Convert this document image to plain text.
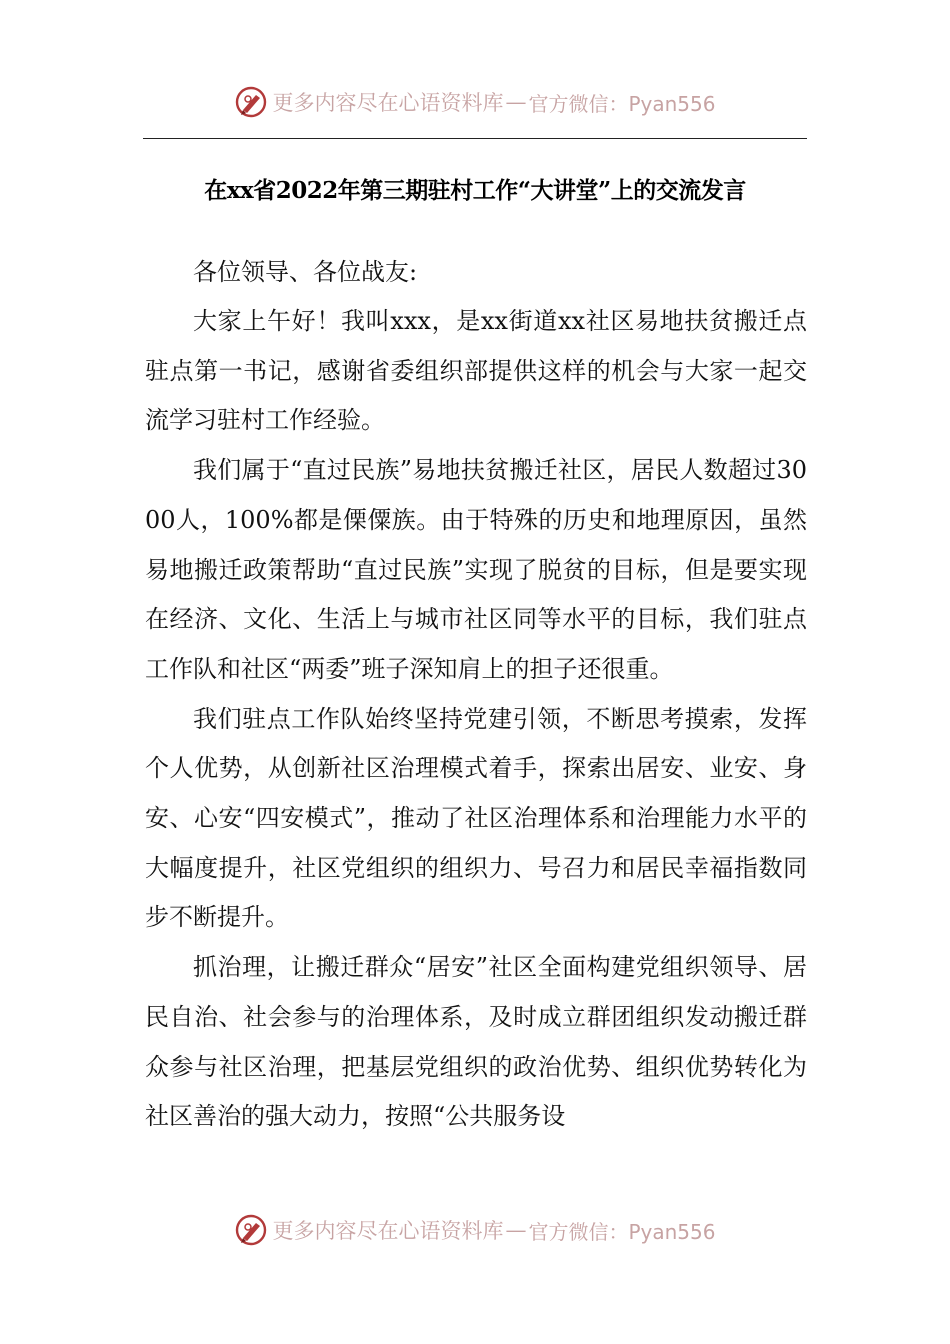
更多内容尽在心语资料库 — 官方微信：Pyan556
在xx省2022年第三期驻村工作“大讲堂”上的交流发言

各位领导、各位战友:

大家上午好！我叫xxx，是xx街道xx社区易地扶贫搬迁点驻点第一书记，感谢省委组织部提供这样的机会与大家一起交流学习驻村工作经验。

我们属于“直过民族”易地扶贫搬迁社区，居民人数超过3000人，100%都是傈僳族。由于特殊的历史和地理原因，虽然易地搬迁政策帮助“直过民族”实现了脱贫的目标，但是要实现在经济、文化、生活上与城市社区同等水平的目标，我们驻点工作队和社区“两委”班子深知肩上的担子还很重。

我们驻点工作队始终坚持党建引领，不断思考摸索，发挥个人优势，从创新社区治理模式着手，探索出居安、业安、身安、心安“四安模式”，推动了社区治理体系和治理能力水平的大幅度提升，社区党组织的组织力、号召力和居民幸福指数同步不断提升。

抓治理，让搬迁群众“居安”社区全面构建党组织领导、居民自治、社会参与的治理体系，及时成立群团组织发动搬迁群众参与社区治理，把基层党组织的政治优势、组织优势转化为社区善治的强大动力，按照“公共服务设

更多内容尽在心语资料库 — 官方微信：Pyan556
